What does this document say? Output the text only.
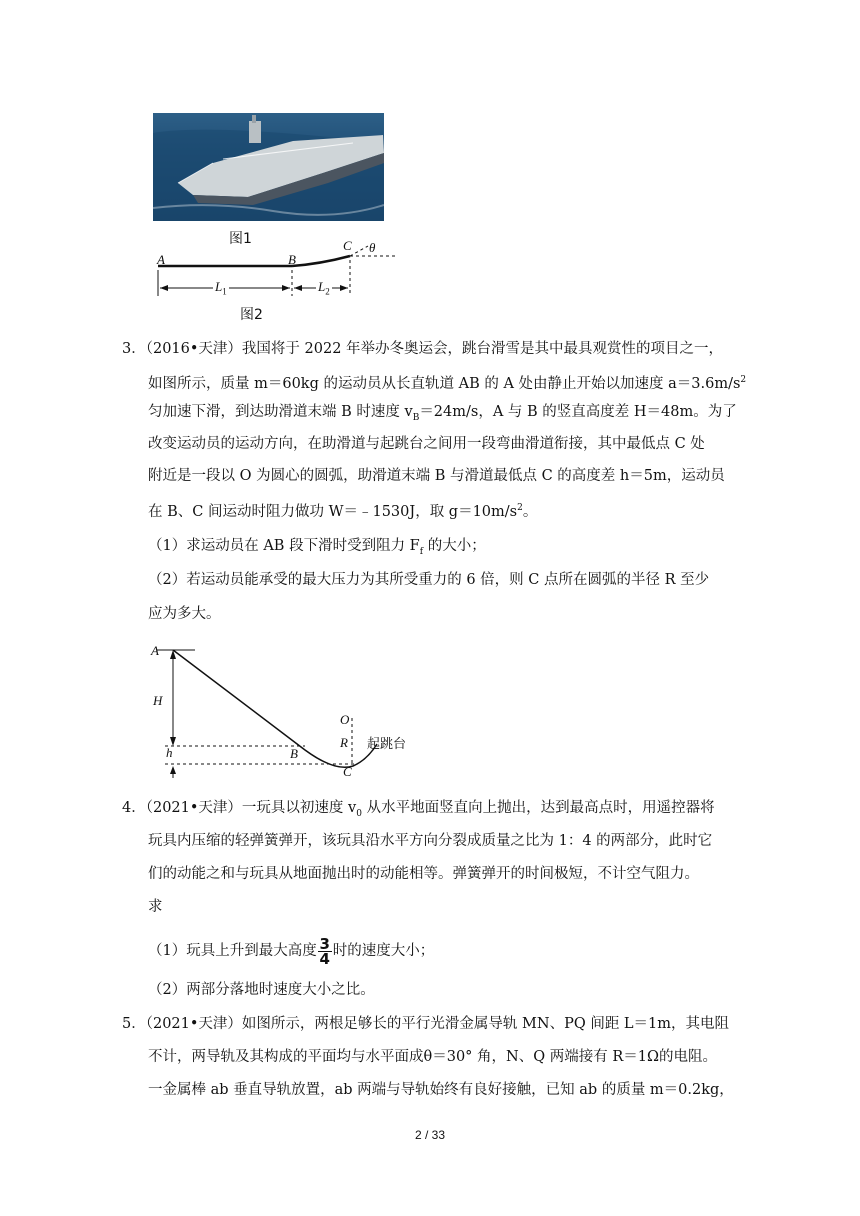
图1
A	B
C θ
$L_1$	$L_2$
图2
3．（2016•天津）我国将于 2022 年举办冬奥运会，跳台滑雪是其中最具观赏性的项目之一，
如图所示，质量 m＝60kg 的运动员从长直轨道 AB 的 A 处由静止开始以加速度 $a=3.6m/s^2$
匀加速下滑，到达助滑道末端 B 时速度 $v_B=24m/s$，A 与 B 的竖直高度差 H＝48m。为了
改变运动员的运动方向，在助滑道与起跳台之间用一段弯曲滑道衔接，其中最低点 C 处
附近是一段以 O 为圆心的圆弧，助滑道末端 B 与滑道最低点 C 的高度差 h＝5m，运动员
在 B、C 间运动时阻力做功 W＝﹣1530J，取 $g=10m/s^2$。
（1）求运动员在 AB 段下滑时受到阻力 $F_f$ 的大小；
（2）若运动员能承受的最大压力为其所受重力的 6 倍，则 C 点所在圆弧的半径 R 至少
应为多大。
A
H
h	B
C
O
R 起跳台
4．（2021•天津）一玩具以初速度 $v_0$ 从水平地面竖直向上抛出，达到最高点时，用遥控器将
玩具内压缩的轻弹簧弹开，该玩具沿水平方向分裂成质量之比为 1：4 的两部分，此时它
们的动能之和与玩具从地面抛出时的动能相等。弹簧弹开的时间极短，不计空气阻力。
求
（1）玩具上升到最大高度 $\frac{3}{4}$ 时的速度大小；
（2）两部分落地时速度大小之比。
5．（2021•天津）如图所示，两根足够长的平行光滑金属导轨 MN、PQ 间距 L＝1m，其电阻
不计，两导轨及其构成的平面均与水平面成θ＝30° 角，N、Q 两端接有 R＝1Ω的电阻。
一金属棒 ab 垂直导轨放置，ab 两端与导轨始终有良好接触，已知 ab 的质量 m＝0.2kg，
2 / 33
